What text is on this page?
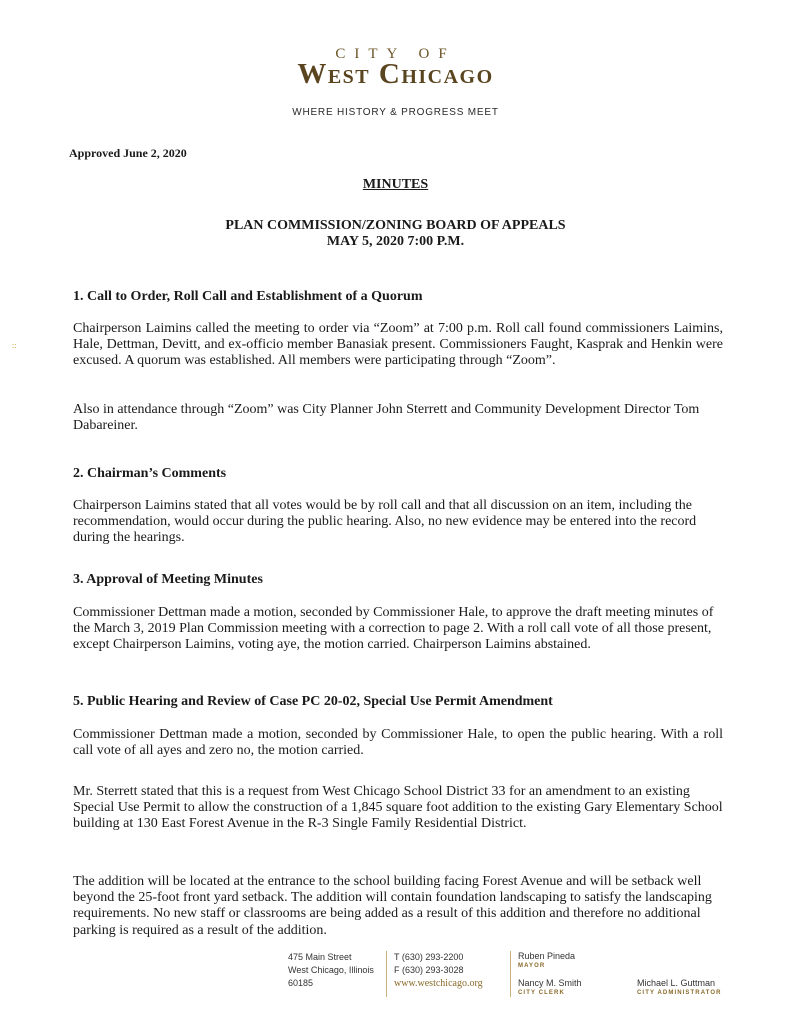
CITY OF
West Chicago
WHERE HISTORY & PROGRESS MEET
Approved June 2, 2020
MINUTES
PLAN COMMISSION/ZONING BOARD OF APPEALS
MAY 5, 2020 7:00 P.M.
::
1. Call to Order, Roll Call and Establishment of a Quorum

Chairperson Laimins called the meeting to order via “Zoom” at 7:00 p.m. Roll call found commissioners Laimins, Hale, Dettman, Devitt, and ex-officio member Banasiak present. Commissioners Faught, Kasprak and Henkin were excused. A quorum was established. All members were participating through “Zoom”.

Also in attendance through “Zoom” was City Planner John Sterrett and Community Development Director Tom Dabareiner.

2. Chairman’s Comments

Chairperson Laimins stated that all votes would be by roll call and that all discussion on an item, including the recommendation, would occur during the public hearing. Also, no new evidence may be entered into the record during the hearings.

3. Approval of Meeting Minutes

Commissioner Dettman made a motion, seconded by Commissioner Hale, to approve the draft meeting minutes of the March 3, 2019 Plan Commission meeting with a correction to page 2. With a roll call vote of all those present, except Chairperson Laimins, voting aye, the motion carried. Chairperson Laimins abstained.

5. Public Hearing and Review of Case PC 20-02, Special Use Permit Amendment

Commissioner Dettman made a motion, seconded by Commissioner Hale, to open the public hearing. With a roll call vote of all ayes and zero no, the motion carried.

Mr. Sterrett stated that this is a request from West Chicago School District 33 for an amendment to an existing Special Use Permit to allow the construction of a 1,845 square foot addition to the existing Gary Elementary School building at 130 East Forest Avenue in the R-3 Single Family Residential District.

The addition will be located at the entrance to the school building facing Forest Avenue and will be setback well beyond the 25-foot front yard setback. The addition will contain foundation landscaping to satisfy the landscaping requirements. No new staff or classrooms are being added as a result of this addition and therefore no additional parking is required as a result of the addition.

475 Main Street
West Chicago, Illinois
60185
T (630) 293-2200
F (630) 293-3028
www.westchicago.org
Ruben Pineda
MAYOR
Nancy M. Smith
CITY CLERK
Michael L. Guttman
CITY ADMINISTRATOR
